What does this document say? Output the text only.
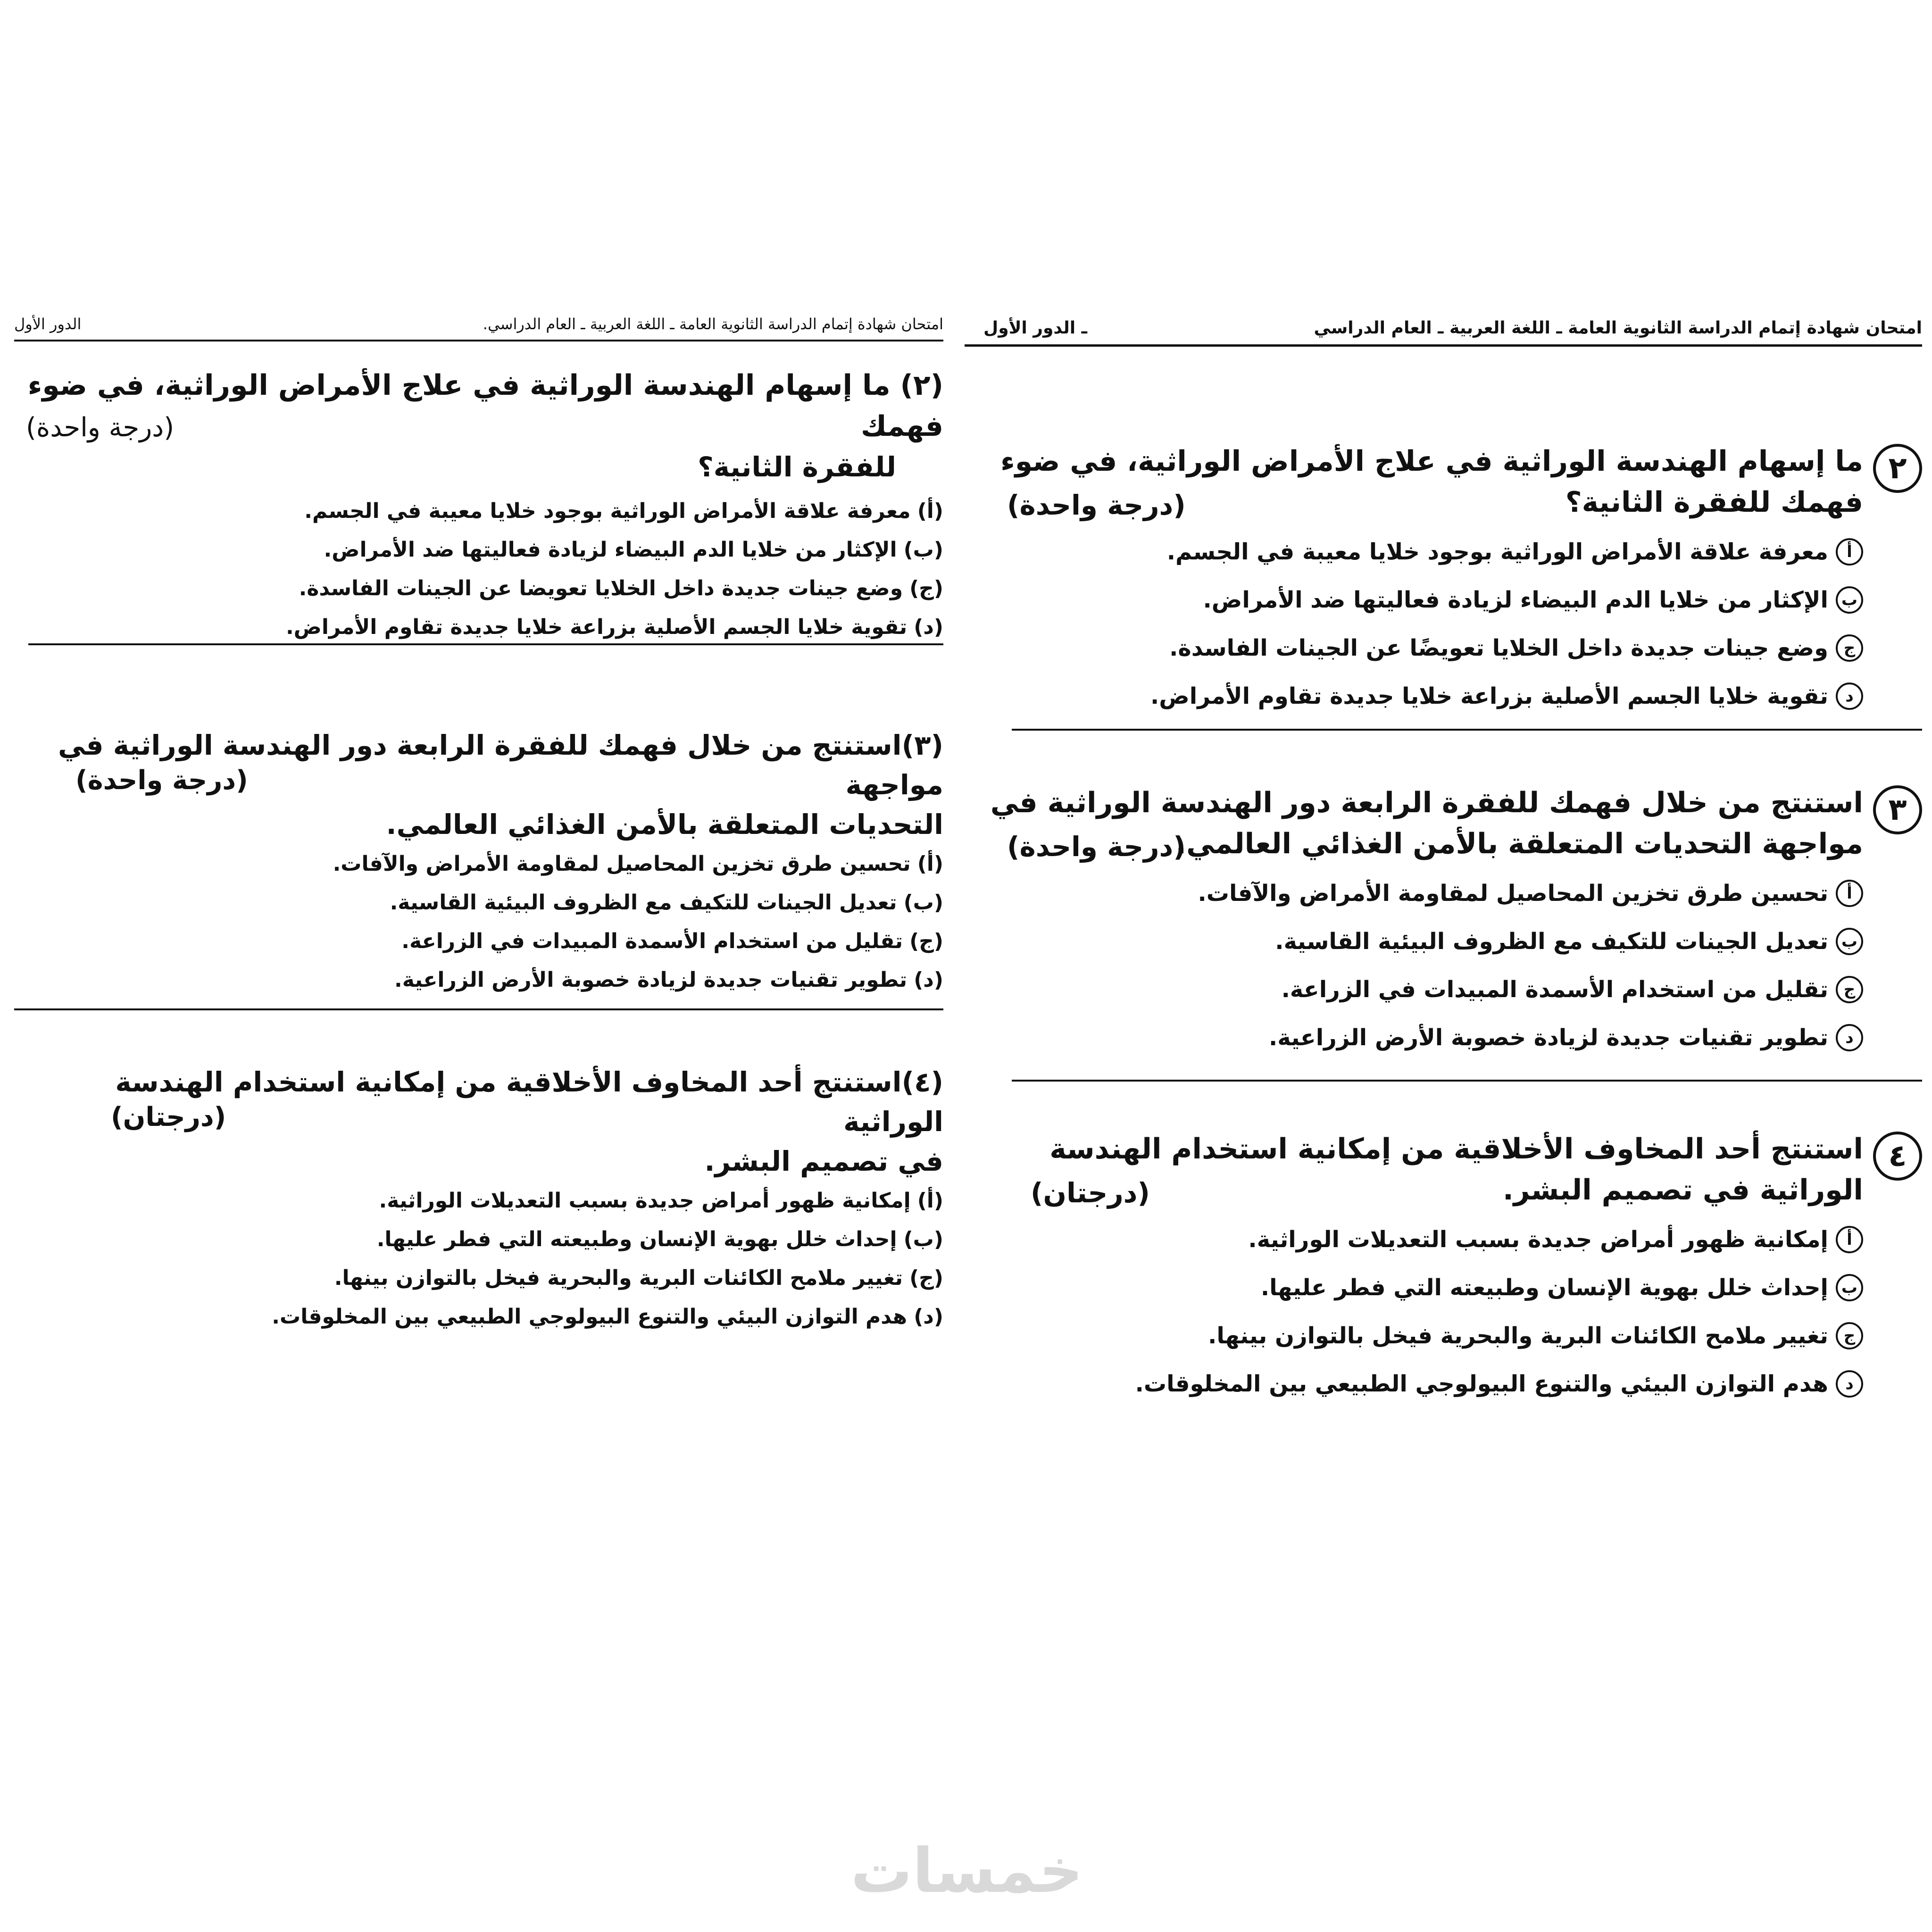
امتحان شهادة إتمام الدراسة الثانوية العامة ـ اللغة العربية ـ العام الدراسي.
الدور الأول
(٢) ما إسهام الهندسة الوراثية في علاج الأمراض الوراثية، في ضوء فهمك
للفقرة الثانية؟
(درجة واحدة)
(أ)
معرفة علاقة الأمراض الوراثية بوجود خلايا معيبة في الجسم.
(ب)
الإكثار من خلايا الدم البيضاء لزيادة فعاليتها ضد الأمراض.
(ج)
وضع جينات جديدة داخل الخلايا تعويضا عن الجينات الفاسدة.
(د)
تقوية خلايا الجسم الأصلية بزراعة خلايا جديدة تقاوم الأمراض.
(٣)استنتج من خلال فهمك للفقرة الرابعة دور الهندسة الوراثية في مواجهة
التحديات المتعلقة بالأمن الغذائي العالمي.
(درجة واحدة)
(أ)
تحسين طرق تخزين المحاصيل لمقاومة الأمراض والآفات.
(ب)
تعديل الجينات للتكيف مع الظروف البيئية القاسية.
(ج)
تقليل من استخدام الأسمدة المبيدات في الزراعة.
(د)
تطوير تقنيات جديدة لزيادة خصوبة الأرض الزراعية.
(٤)استنتج أحد المخاوف الأخلاقية من إمكانية استخدام الهندسة الوراثية
في تصميم البشر.
(درجتان)
(أ)
إمكانية ظهور أمراض جديدة بسبب التعديلات الوراثية.
(ب)
إحداث خلل بهوية الإنسان وطبيعته التي فطر عليها.
(ج)
تغيير ملامح الكائنات البرية والبحرية فيخل بالتوازن بينها.
(د)
هدم التوازن البيئي والتنوع البيولوجي الطبيعي بين المخلوقات.
امتحان شهادة إتمام الدراسة الثانوية العامة ـ اللغة العربية ـ العام الدراسي
ـ الدور الأول
٢
ما إسهام الهندسة الوراثية في علاج الأمراض الوراثية، في ضوء فهمك للفقرة الثانية؟
(درجة واحدة)
أ
معرفة علاقة الأمراض الوراثية بوجود خلايا معيبة في الجسم.
ب
الإكثار من خلايا الدم البيضاء لزيادة فعاليتها ضد الأمراض.
ج
وضع جينات جديدة داخل الخلايا تعويضًا عن الجينات الفاسدة.
د
تقوية خلايا الجسم الأصلية بزراعة خلايا جديدة تقاوم الأمراض.
٣
استنتج من خلال فهمك للفقرة الرابعة دور الهندسة الوراثية في مواجهة التحديات المتعلقة بالأمن الغذائي العالمي.
(درجة واحدة)
أ
تحسين طرق تخزين المحاصيل لمقاومة الأمراض والآفات.
ب
تعديل الجينات للتكيف مع الظروف البيئية القاسية.
ج
تقليل من استخدام الأسمدة المبيدات في الزراعة.
د
تطوير تقنيات جديدة لزيادة خصوبة الأرض الزراعية.
٤
استنتج أحد المخاوف الأخلاقية من إمكانية استخدام الهندسة الوراثية في تصميم البشر.
(درجتان)
أ
إمكانية ظهور أمراض جديدة بسبب التعديلات الوراثية.
ب
إحداث خلل بهوية الإنسان وطبيعته التي فطر عليها.
ج
تغيير ملامح الكائنات البرية والبحرية فيخل بالتوازن بينها.
د
هدم التوازن البيئي والتنوع البيولوجي الطبيعي بين المخلوقات.
خمسات
